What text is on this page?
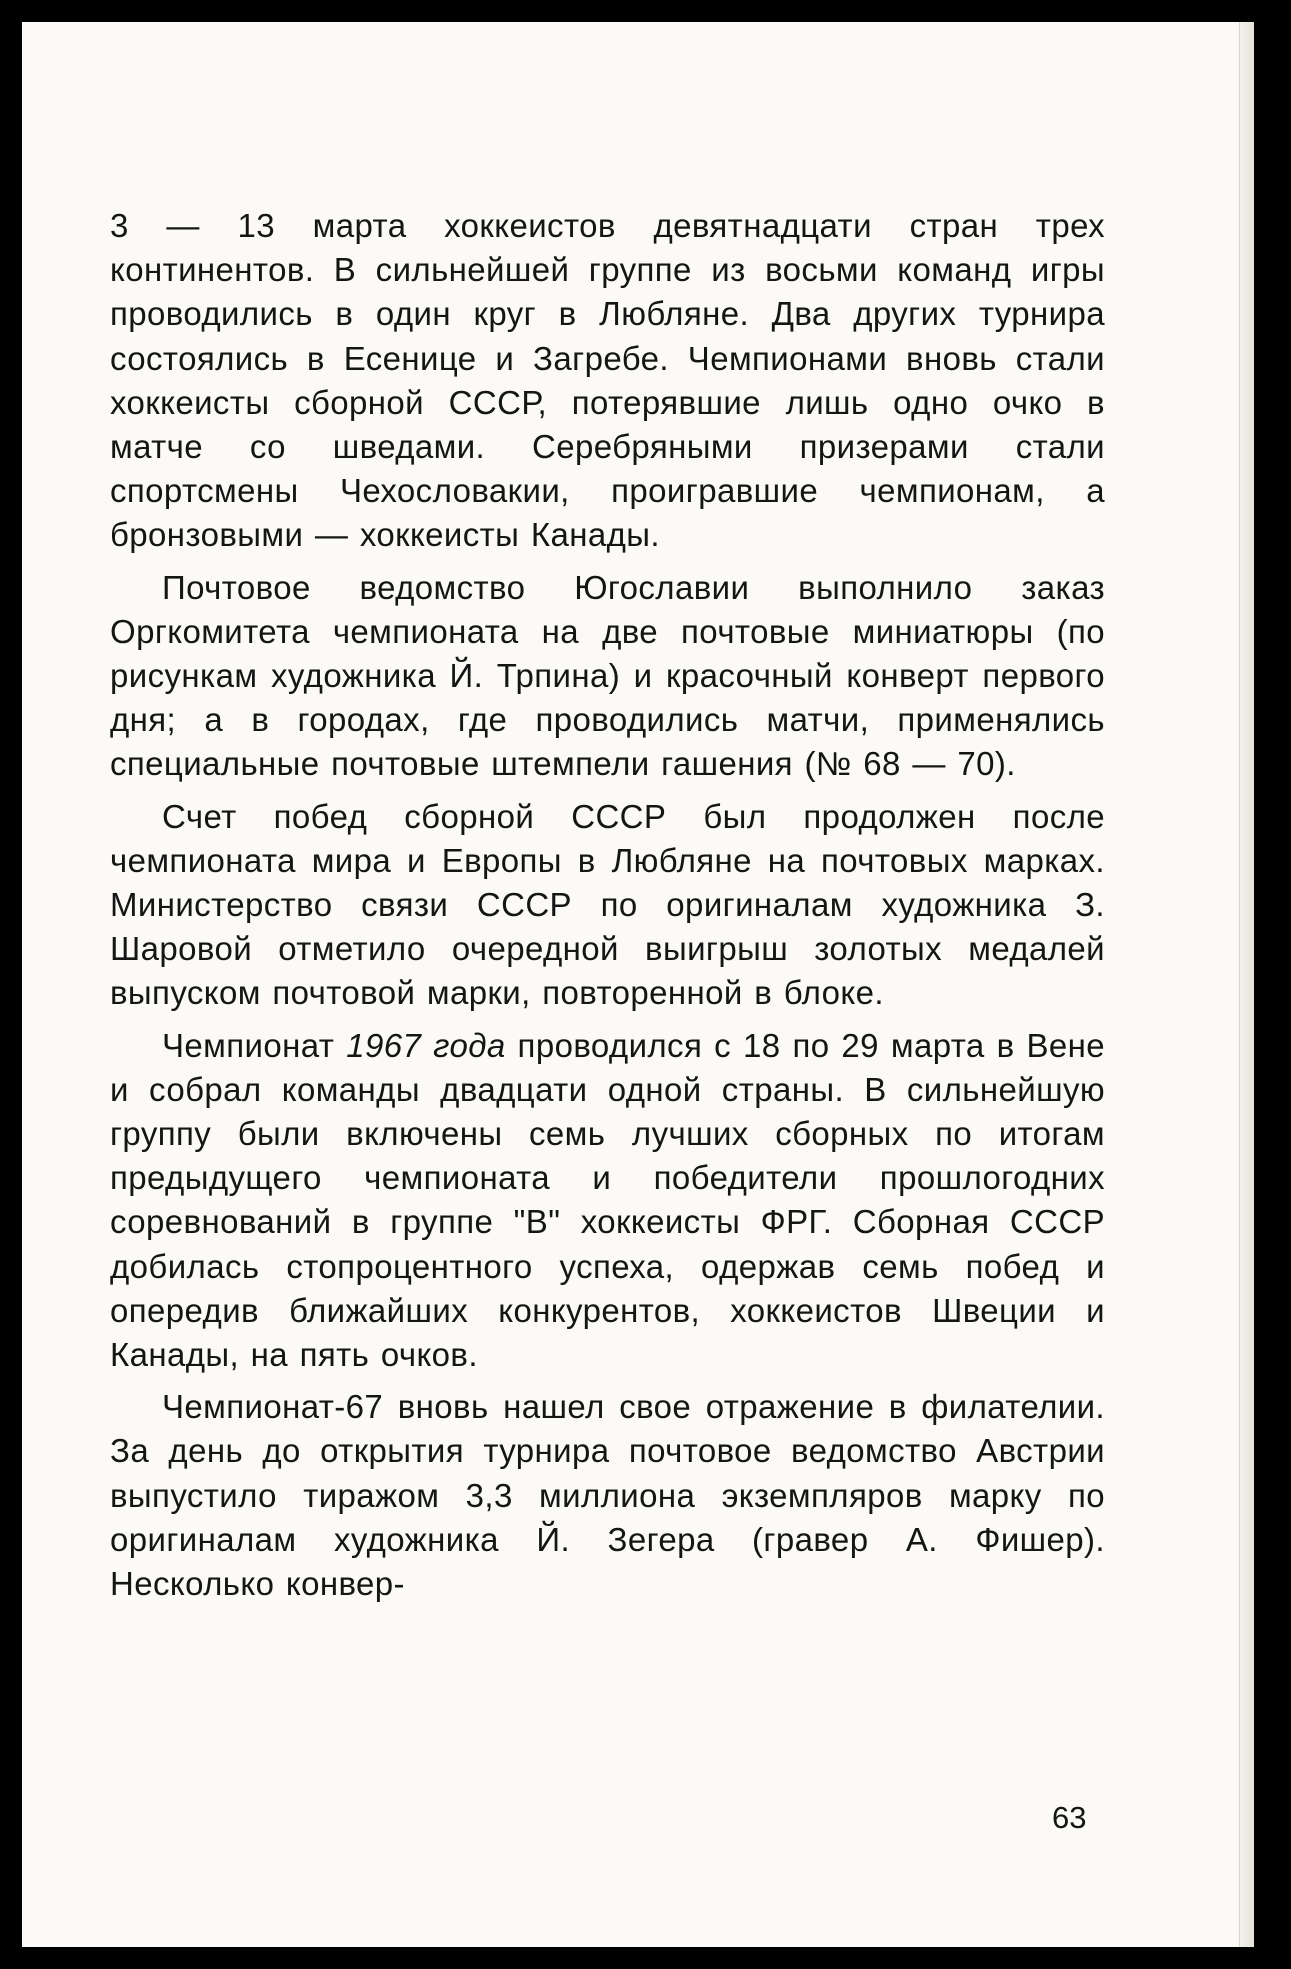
3 — 13 марта хоккеистов девятнадцати стран трех континентов. В сильнейшей группе из восьми команд игры проводились в один круг в Любляне. Два других турнира состоялись в Есенице и Загребе. Чемпионами вновь стали хоккеисты сборной СССР, потерявшие лишь одно очко в матче со шведами. Серебряными призерами стали спортсмены Чехословакии, проигравшие чемпионам, а бронзовыми — хоккеисты Канады.

Почтовое ведомство Югославии выполнило заказ Оргкомитета чемпионата на две почтовые миниатюры (по рисункам художника Й. Трпина) и красочный конверт первого дня; а в городах, где проводились матчи, применялись специальные почтовые штемпели гашения (№ 68 — 70).

Счет побед сборной СССР был продолжен после чемпионата мира и Европы в Любляне на почтовых марках. Министерство связи СССР по оригиналам художника З. Шаровой отметило очередной выигрыш золотых медалей выпуском почтовой марки, повторенной в блоке.

Чемпионат 1967 года проводился с 18 по 29 марта в Вене и собрал команды двадцати одной страны. В сильнейшую группу были включены семь лучших сборных по итогам предыдущего чемпионата и победители прошлогодних соревнований в группе "В" хоккеисты ФРГ. Сборная СССР добилась стопроцентного успеха, одержав семь побед и опередив ближайших конкурентов, хоккеистов Швеции и Канады, на пять очков.

Чемпионат-67 вновь нашел свое отражение в филателии. За день до открытия турнира почтовое ведомство Австрии выпустило тиражом 3,3 миллиона экземпляров марку по оригиналам художника Й. Зегера (гравер А. Фишер). Несколько конвер-

63
